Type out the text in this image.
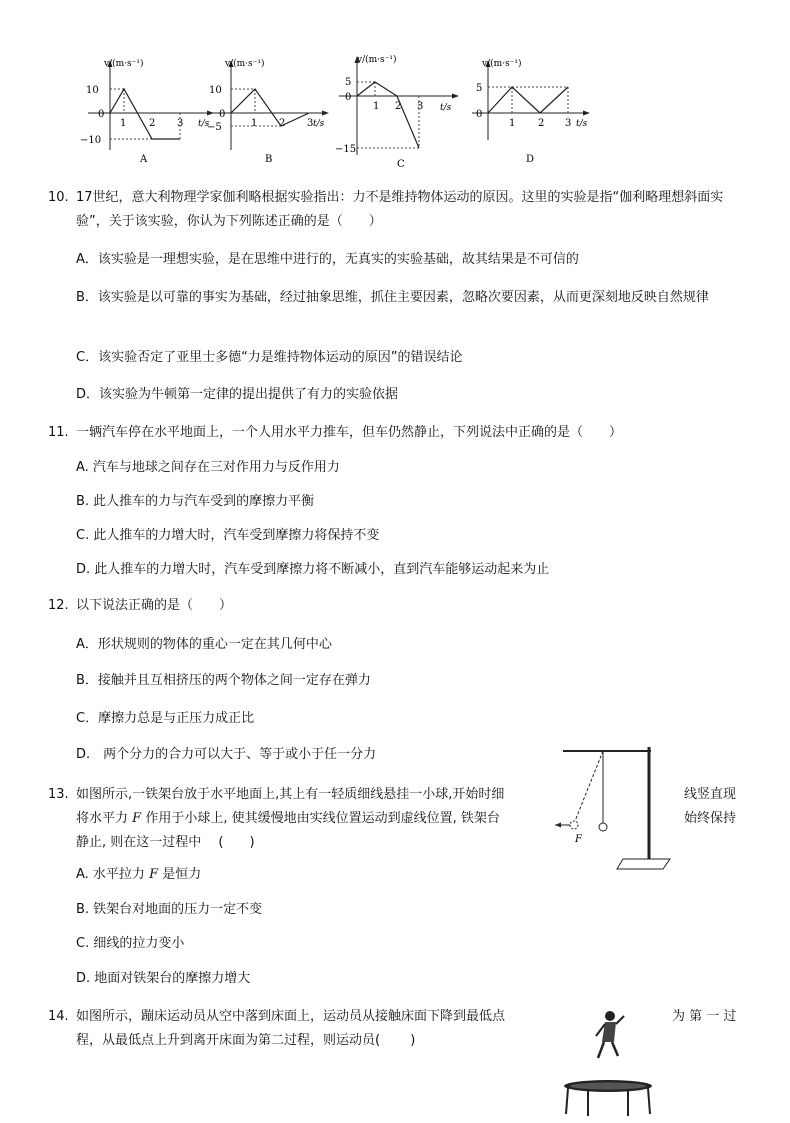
v/(m·s⁻¹)
t/s
10
0
−10
1 2 3
A
v/(m·s⁻¹)
t/s
10
0
−5	1 2 3
B
v/(m·s⁻¹)
t/s
5
0
−15
1 2 3
C
v/(m·s⁻¹)
t/s
5
0
1 2 3
D
10. 17世纪，意大利物理学家伽利略根据实验指出：力不是维持物体运动的原因。这里的实验是指“伽利略理想斜面实验”，关于该实验，你认为下列陈述正确的是（　　）
A．该实验是一理想实验，是在思维中进行的，无真实的实验基础，故其结果是不可信的
B．该实验是以可靠的事实为基础，经过抽象思维，抓住主要因素，忽略次要因素，从而更深刻地反映自然规律
C．该实验否定了亚里士多德“力是维持物体运动的原因”的错误结论
D．该实验为牛顿第一定律的提出提供了有力的实验依据
11. 一辆汽车停在水平地面上，一个人用水平力推车，但车仍然静止，下列说法中正确的是（　　）
A. 汽车与地球之间存在三对作用力与反作用力
B. 此人推车的力与汽车受到的摩擦力平衡
C. 此人推车的力增大时，汽车受到摩擦力将保持不变
D. 此人推车的力增大时，汽车受到摩擦力将不断减小，直到汽车能够运动起来为止
12. 以下说法正确的是（　　）
A．形状规则的物体的重心一定在其几何中心
B．接触并且互相挤压的两个物体之间一定存在弹力
C．摩擦力总是与正压力成正比
D.　两个分力的合力可以大于、等于或小于任一分力
13. 如图所示,一铁架台放于水平地面上,其上有一轻质细线悬挂一小球,开始时细
将水平力 F 作用于小球上, 使其缓慢地由实线位置运动到虚线位置, 铁架台
静止, 则在这一过程中　 (　　)
线竖直现
始终保持
F
A. 水平拉力 F 是恒力
B. 铁架台对地面的压力一定不变
C. 细线的拉力变小
D. 地面对铁架台的摩擦力增大
14. 如图所示，蹦床运动员从空中落到床面上，运动员从接触床面下降到最低点
程，从最低点上升到离开床面为第二过程，则运动员(　　 )
为 第 一 过
